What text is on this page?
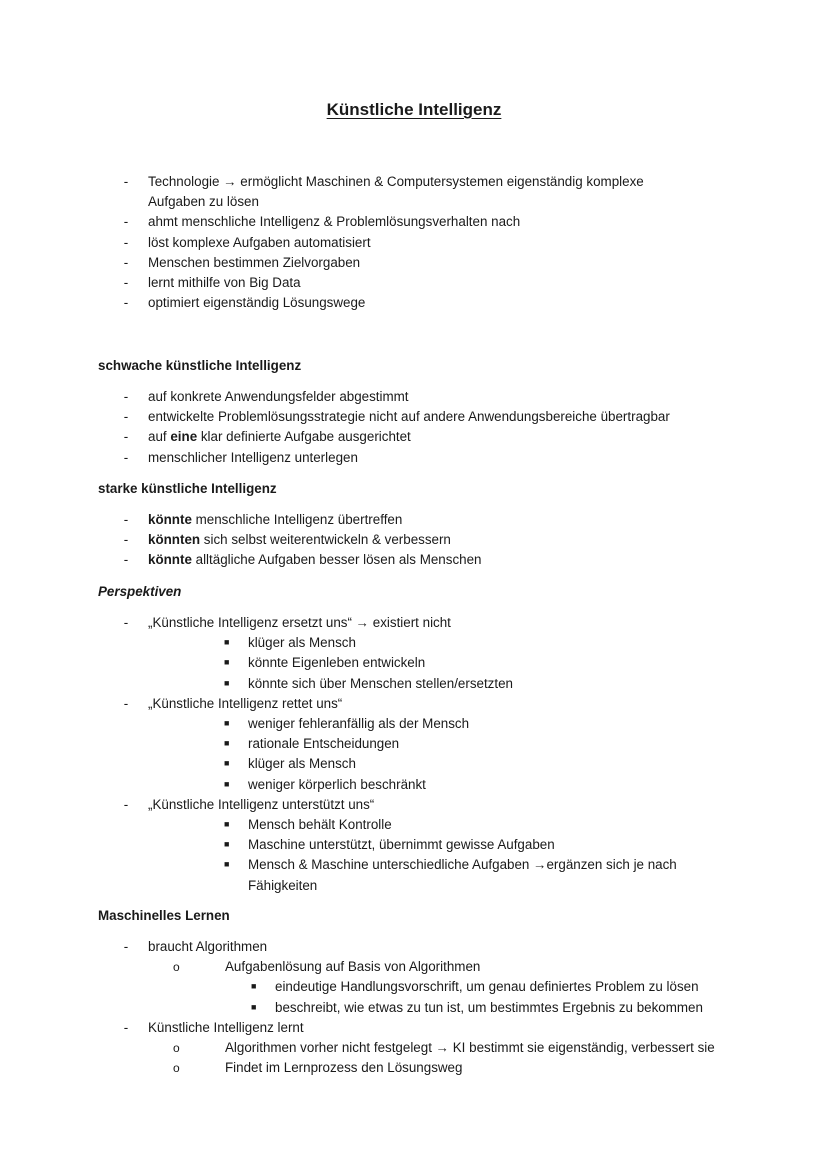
Künstliche Intelligenz
- Technologie → ermöglicht Maschinen & Computersystemen eigenständig komplexe Aufgaben zu lösen
- ahmt menschliche Intelligenz & Problemlösungsverhalten nach
- löst komplexe Aufgaben automatisiert
- Menschen bestimmen Zielvorgaben
- lernt mithilfe von Big Data
- optimiert eigenständig Lösungswege
schwache künstliche Intelligenz
- auf konkrete Anwendungsfelder abgestimmt
- entwickelte Problemlösungsstrategie nicht auf andere Anwendungsbereiche übertragbar
- auf eine klar definierte Aufgabe ausgerichtet
- menschlicher Intelligenz unterlegen
starke künstliche Intelligenz
- könnte menschliche Intelligenz übertreffen
- könnten sich selbst weiterentwickeln & verbessern
- könnte alltägliche Aufgaben besser lösen als Menschen
Perspektiven
- „Künstliche Intelligenz ersetzt uns“ → existiert nicht
■ klüger als Mensch
■ könnte Eigenleben entwickeln
■ könnte sich über Menschen stellen/ersetzten
- „Künstliche Intelligenz rettet uns“
■ weniger fehleranfällig als der Mensch
■ rationale Entscheidungen
■ klüger als Mensch
■ weniger körperlich beschränkt
- „Künstliche Intelligenz unterstützt uns“
■ Mensch behält Kontrolle
■ Maschine unterstützt, übernimmt gewisse Aufgaben
■ Mensch & Maschine unterschiedliche Aufgaben →ergänzen sich je nach Fähigkeiten
Maschinelles Lernen
- braucht Algorithmen
o	Aufgabenlösung auf Basis von Algorithmen
■ eindeutige Handlungsvorschrift, um genau definiertes Problem zu lösen
■ beschreibt, wie etwas zu tun ist, um bestimmtes Ergebnis zu bekommen
- Künstliche Intelligenz lernt
o	Algorithmen vorher nicht festgelegt → KI bestimmt sie eigenständig, verbessert sie
o	Findet im Lernprozess den Lösungsweg
